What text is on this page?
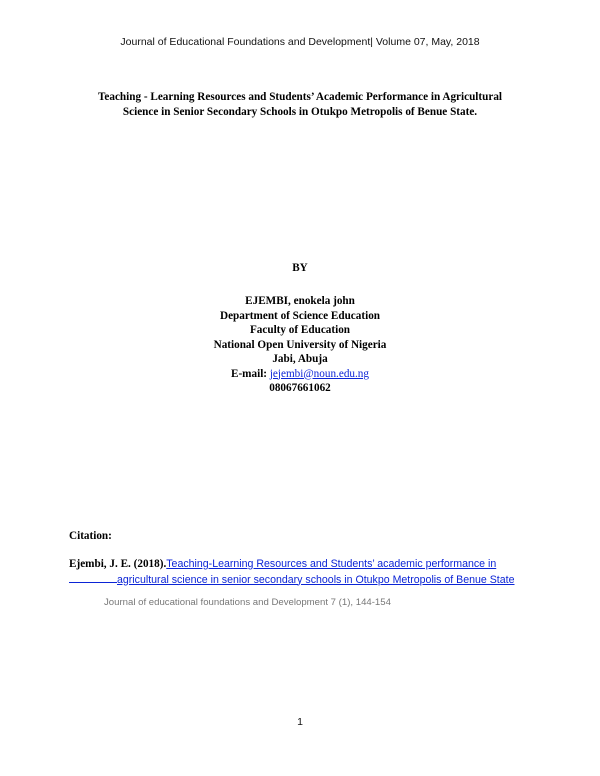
Journal of Educational Foundations and Development| Volume 07, May, 2018
Teaching - Learning Resources and Students’ Academic Performance in Agricultural
Science in Senior Secondary Schools in Otukpo Metropolis of Benue State.
BY
EJEMBI, enokela john
Department of Science Education
Faculty of Education
National Open University of Nigeria
Jabi, Abuja
E-mail: jejembi@noun.edu.ng
08067661062
Citation:
Ejembi, J. E. (2018).Teaching-Learning Resources and Students’ academic performance in
agricultural science in senior secondary schools in Otukpo Metropolis of Benue State
Journal of educational foundations and Development 7 (1), 144-154
1
